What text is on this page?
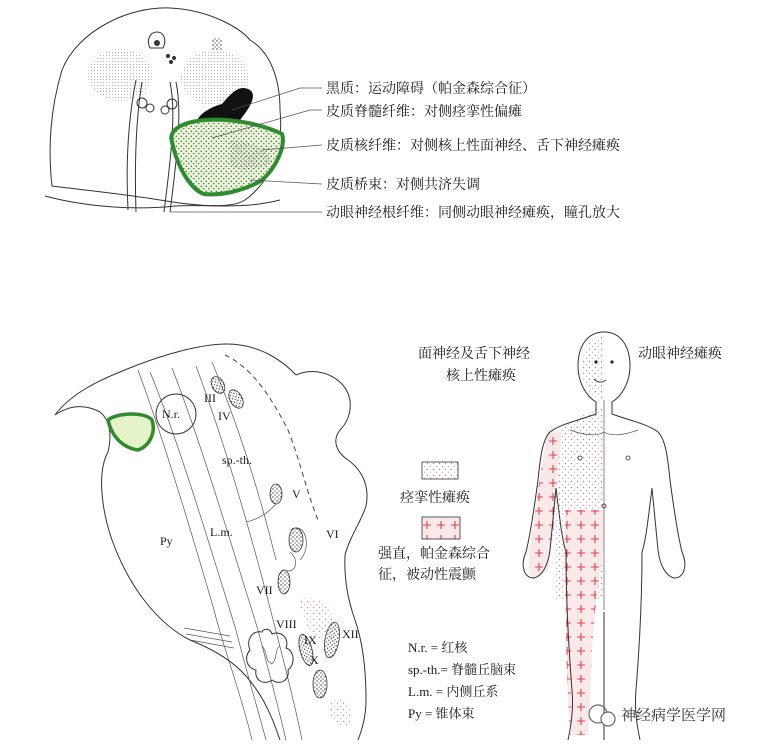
黑质：运动障碍（帕金森综合征）
皮质脊髓纤维：对侧痉挛性偏瘫
皮质核纤维：对侧核上性面神经、舌下神经瘫痪
皮质桥束：对侧共济失调
动眼神经根纤维：同侧动眼神经瘫痪，瞳孔放大
N.r.
III
IV
sp.-th.
V
Py
L.m.	VI
VII
VIII
IX
X
XII
痉挛性瘫痪
强直，帕金森综合
征，被动性震颤
N.r. = 红核
sp.-th.= 脊髓丘脑束
L.m. = 内侧丘系
Py = 锥体束
面神经及舌下神经
核上性瘫痪
动眼神经瘫痪
神经病学医学网
